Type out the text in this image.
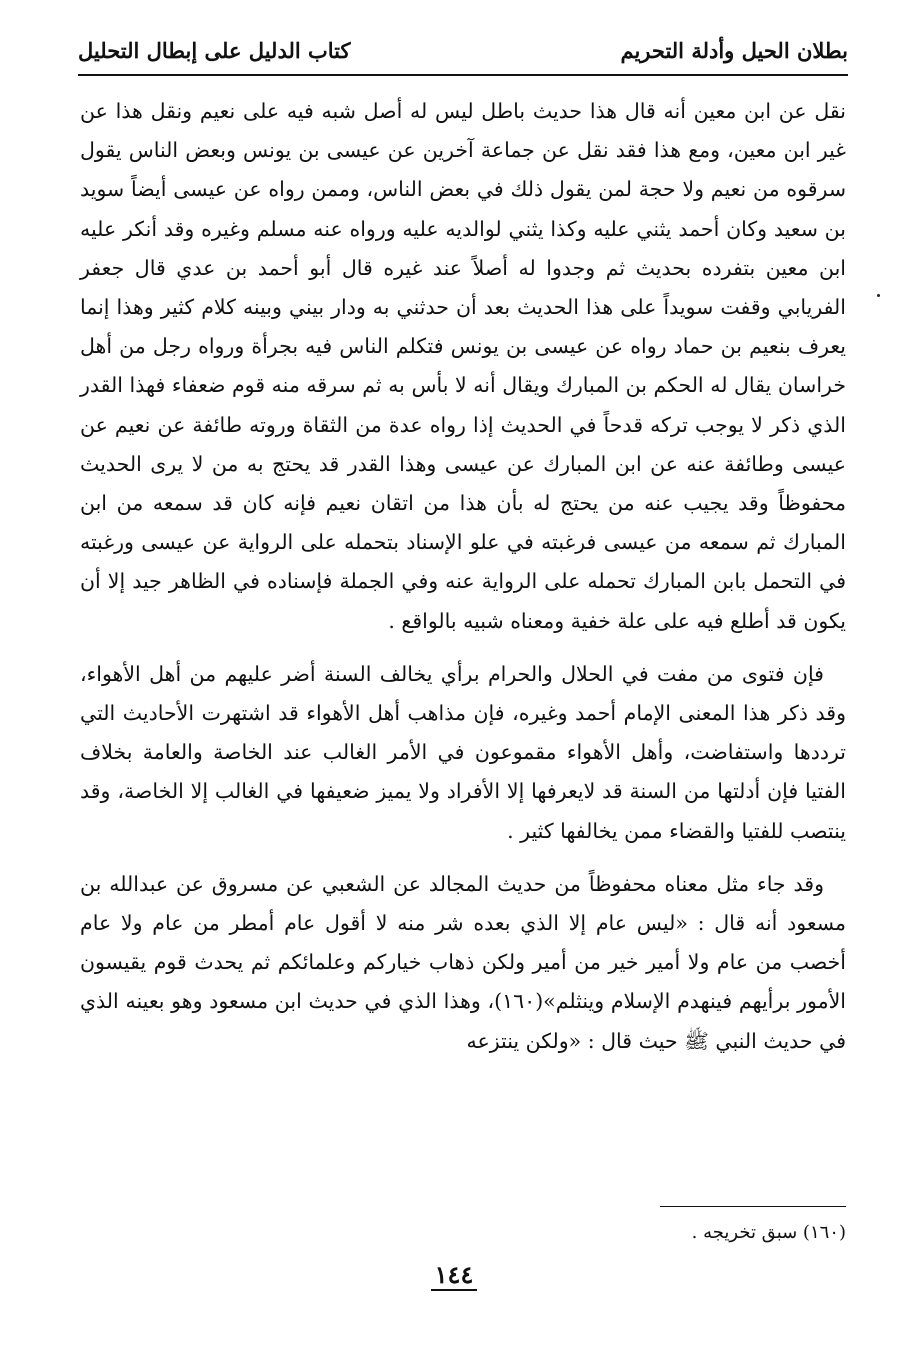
بطلان الحيل وأدلة التحريم
كتاب الدليل على إبطال التحليل

نقل عن ابن معين أنه قال هذا حديث باطل ليس له أصل شبه فيه على نعيم ونقل هذا عن غير ابن معين، ومع هذا فقد نقل عن جماعة آخرين عن عيسى بن يونس وبعض الناس يقول سرقوه من نعيم ولا حجة لمن يقول ذلك في بعض الناس، وممن رواه عن عيسى أيضاً سويد بن سعيد وكان أحمد يثني عليه وكذا يثني لوالديه عليه ورواه عنه مسلم وغيره وقد أنكر عليه ابن معين بتفرده بحديث ثم وجدوا له أصلاً عند غيره قال أبو أحمد بن عدي قال جعفر الفريابي وقفت سويداً على هذا الحديث بعد أن حدثني به ودار بيني وبينه كلام كثير وهذا إنما يعرف بنعيم بن حماد رواه عن عيسى بن يونس فتكلم الناس فيه بجرأة ورواه رجل من أهل خراسان يقال له الحكم بن المبارك ويقال أنه لا بأس به ثم سرقه منه قوم ضعفاء فهذا القدر الذي ذكر لا يوجب تركه قدحاً في الحديث إذا رواه عدة من الثقاة وروته طائفة عن نعيم عن عيسى وطائفة عنه عن ابن المبارك عن عيسى وهذا القدر قد يحتج به من لا يرى الحديث محفوظاً وقد يجيب عنه من يحتج له بأن هذا من اتقان نعيم فإنه كان قد سمعه من ابن المبارك ثم سمعه من عيسى فرغبته في علو الإسناد بتحمله على الرواية عن عيسى ورغبته في التحمل بابن المبارك تحمله على الرواية عنه وفي الجملة فإسناده في الظاهر جيد إلا أن يكون قد أطلع فيه على علة خفية ومعناه شبيه بالواقع .

فإن فتوى من مفت في الحلال والحرام برأي يخالف السنة أضر عليهم من أهل الأهواء، وقد ذكر هذا المعنى الإمام أحمد وغيره، فإن مذاهب أهل الأهواء قد اشتهرت الأحاديث التي ترددها واستفاضت، وأهل الأهواء مقموعون في الأمر الغالب عند الخاصة والعامة بخلاف الفتيا فإن أدلتها من السنة قد لايعرفها إلا الأفراد ولا يميز ضعيفها في الغالب إلا الخاصة، وقد ينتصب للفتيا والقضاء ممن يخالفها كثير .

وقد جاء مثل معناه محفوظاً من حديث المجالد عن الشعبي عن مسروق عن عبدالله بن مسعود أنه قال : «ليس عام إلا الذي بعده شر منه لا أقول عام أمطر من عام ولا عام أخصب من عام ولا أمير خير من أمير ولكن ذهاب خياركم وعلمائكم ثم يحدث قوم يقيسون الأمور برأيهم فينهدم الإسلام وينثلم»(١٦٠)، وهذا الذي في حديث ابن مسعود وهو بعينه الذي في حديث النبي ﷺ حيث قال : «ولكن ينتزعه

(١٦٠) سبق تخريجه .
١٤٤
